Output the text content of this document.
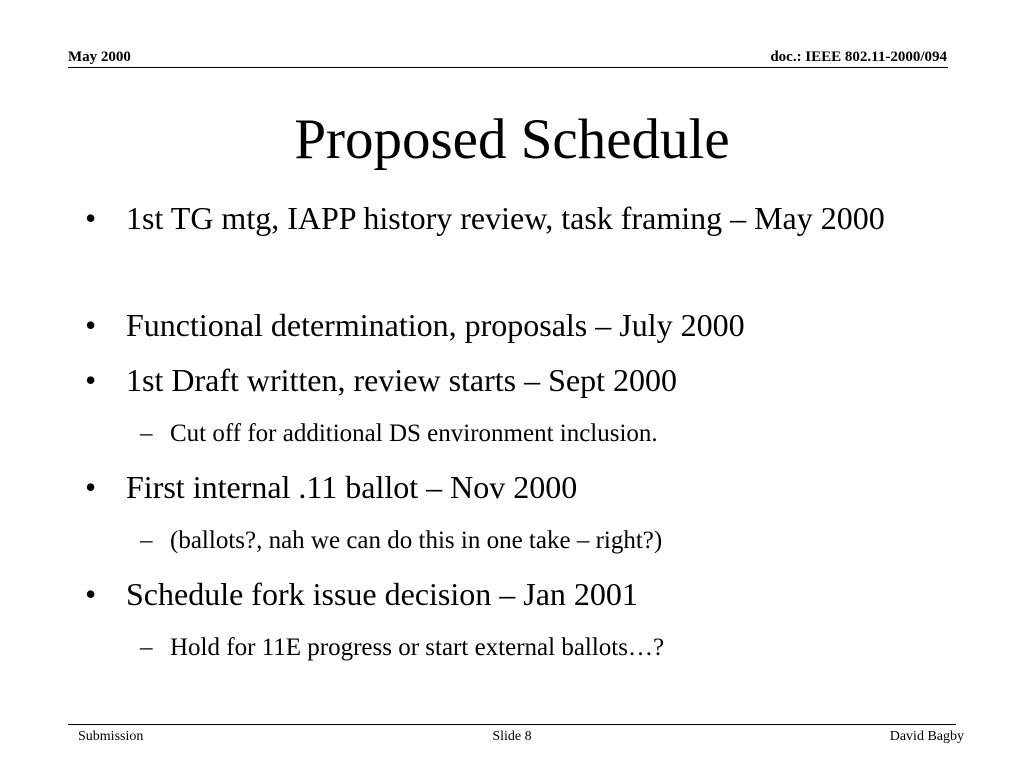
May 2000	doc.: IEEE 802.11-2000/094
Proposed Schedule
• 1st TG mtg, IAPP history review, task framing – May 2000
• Functional determination, proposals – July 2000
• 1st Draft written, review starts – Sept 2000
– Cut off for additional DS environment inclusion.
• First internal .11 ballot – Nov 2000
– (ballots?, nah we can do this in one take – right?)
• Schedule fork issue decision – Jan 2001
– Hold for 11E progress or start external ballots…?
Submission	Slide 8	David Bagby
